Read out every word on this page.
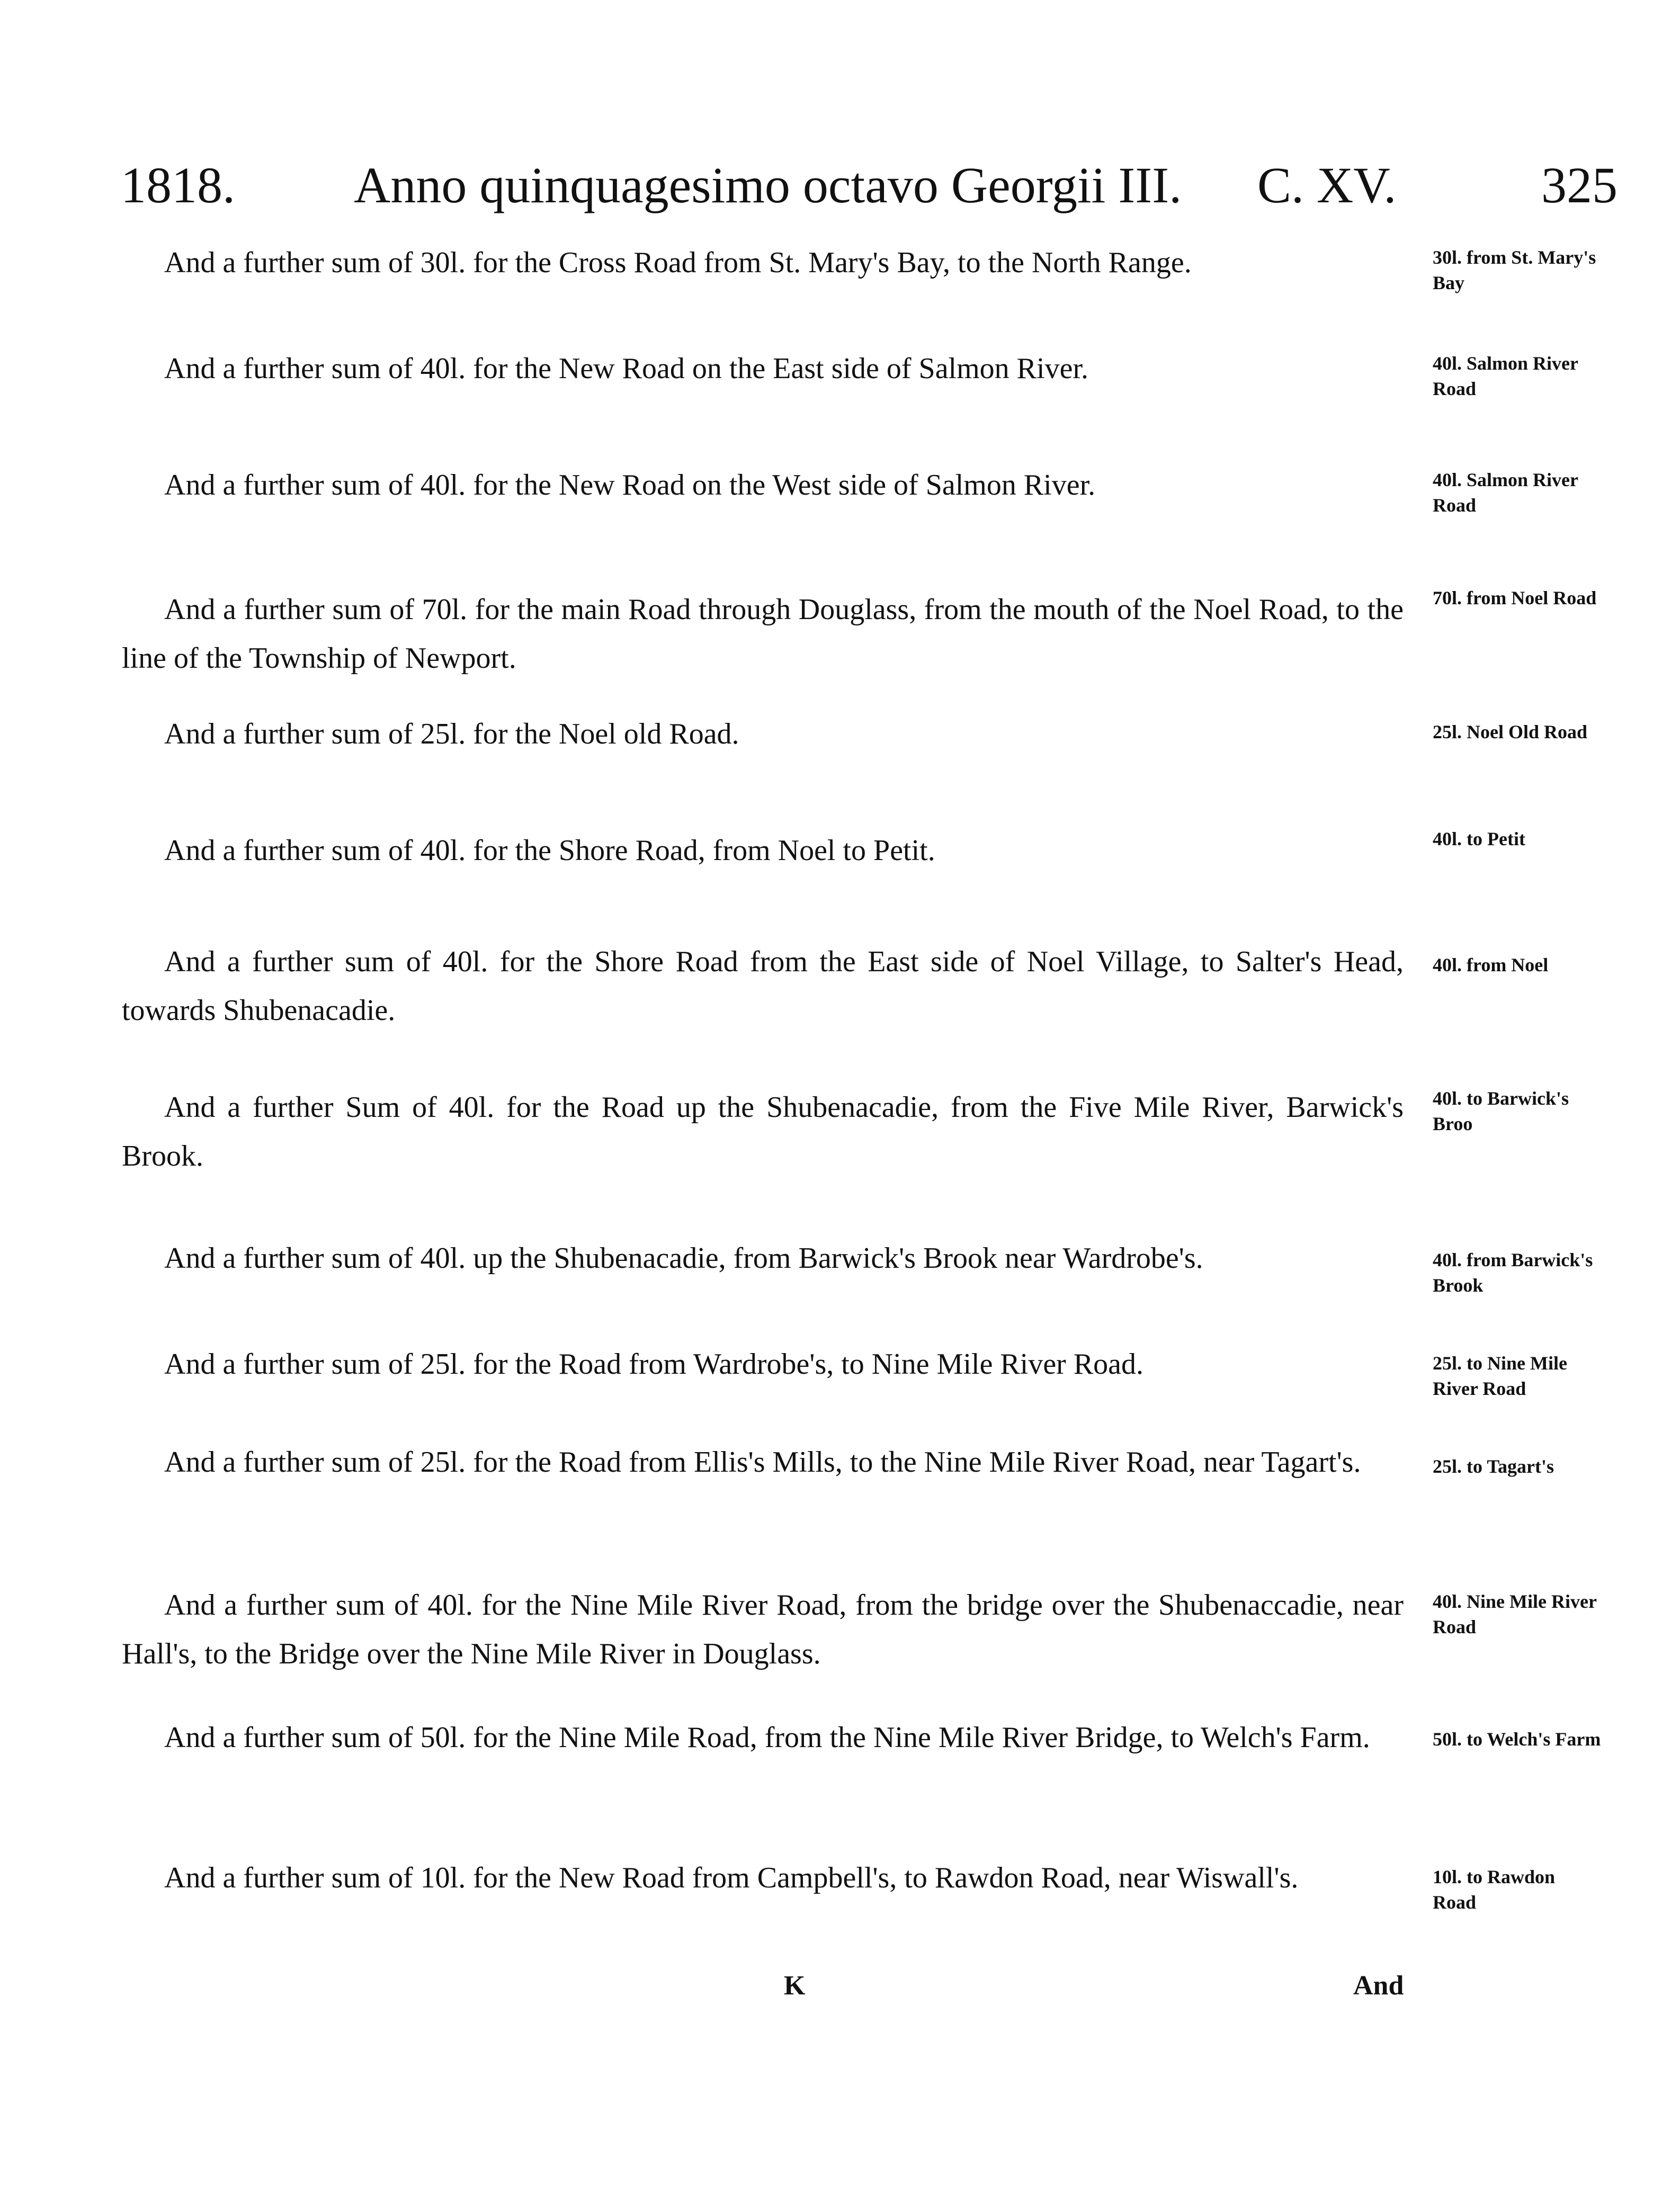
1818. Anno quinquagesimo octavo Georgii III. C. XV.	325
And a further sum of 30l. for the Cross Road from St. Mary's Bay, to the North Range.	30l. from St. Mary's Bay
And a further sum of 40l. for the New Road on the East side of Salmon River.	40l. Salmon River Road
And a further sum of 40l. for the New Road on the West side of Salmon River.	40l. Salmon River Road
And a further sum of 70l. for the main Road through Douglass, from the mouth of the Noel Road, to the line of the Township of Newport.
70l. from Noel Road
And a further sum of 25l. for the Noel old Road.	25l. Noel Old Road
And a further sum of 40l. for the Shore Road, from Noel to Petit.	40l. to Petit
And a further sum of 40l. for the Shore Road from the East side of Noel Village, to Salter's Head, towards Shubenacadie.
40l. from Noel
And a further Sum of 40l. for the Road up the Shubenacadie, from the Five Mile River, Barwick's Brook.
40l. to Barwick's Broo
And a further sum of 40l. up the Shubenacadie, from Barwick's Brook near Wardrobe's.	40l. from Barwick's Brook
And a further sum of 25l. for the Road from Wardrobe's, to Nine Mile River Road.	25l. to Nine Mile River Road
And a further sum of 25l. for the Road from Ellis's Mills, to the Nine Mile River Road, near Tagart's.	25l. to Tagart's
And a further sum of 40l. for the Nine Mile River Road, from the bridge over the Shubenaccadie, near Hall's, to the Bridge over the Nine Mile River in Douglass.
40l. Nine Mile River Road
And a further sum of 50l. for the Nine Mile Road, from the Nine Mile River Bridge, to Welch's Farm.	50l. to Welch's Farm
And a further sum of 10l. for the New Road from Campbell's, to Rawdon Road, near Wiswall's.	10l. to Rawdon Road
K	And
